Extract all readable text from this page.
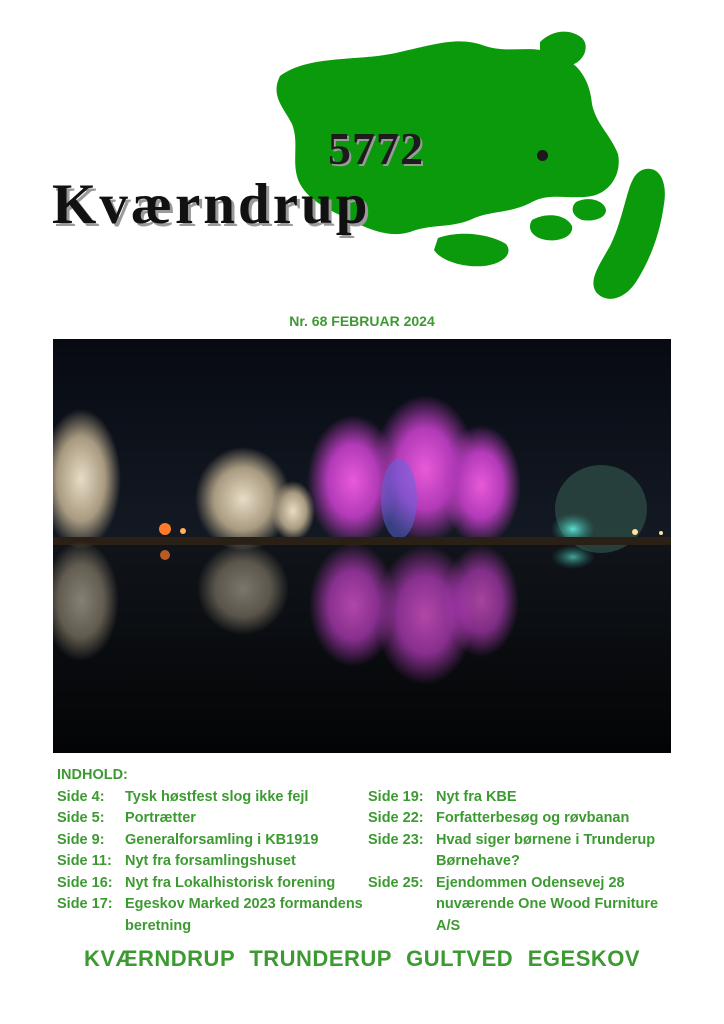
5772
Kværndrup
Nr. 68 FEBRUAR 2024
INDHOLD:
Side 4:	Tysk høstfest slog ikke fejl
Side 5:	Portrætter
Side 9:	Generalforsamling i KB1919
Side 11: Nyt fra forsamlingshuset
Side 16: Nyt fra Lokalhistorisk forening
Side 17: Egeskov Marked 2023 formandens beretning
Side 19: Nyt fra KBE
Side 22: Forfatterbesøg og røvbanan
Side 23: Hvad siger børnene i Trunderup Børnehave?
Side 25: Ejendommen Odensevej 28 nuværende One Wood Furniture A/S
KVÆRNDRUP TRUNDERUP GULTVED EGESKOV
